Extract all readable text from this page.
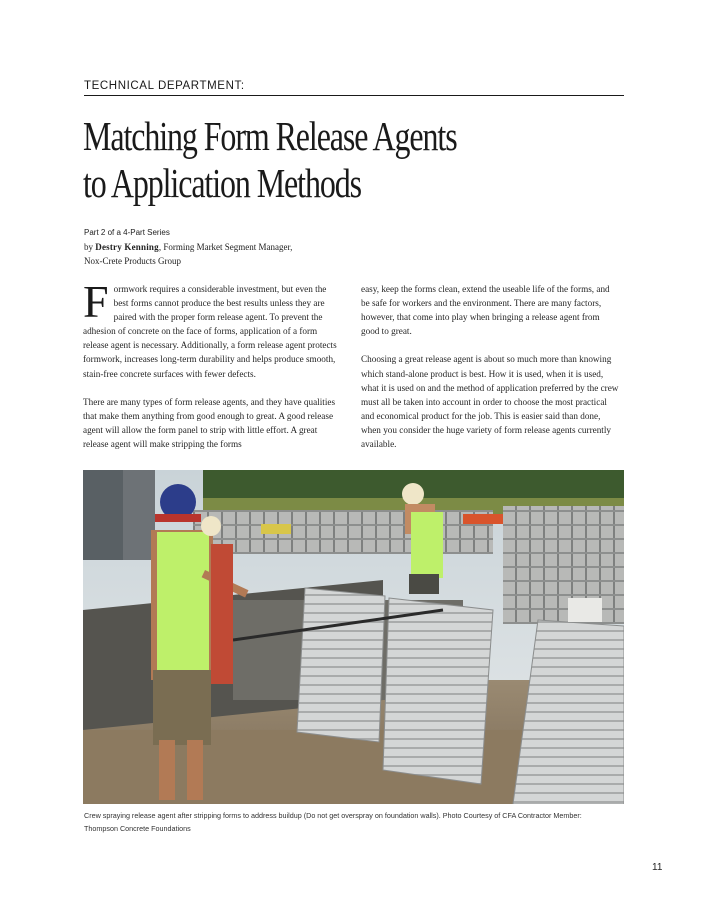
TECHNICAL DEPARTMENT:
Matching Form Release Agents
to Application Methods
Part 2 of a 4-Part Series
by Destry Kenning, Forming Market Segment Manager,
Nox-Crete Products Group

Formwork requires a considerable investment, but even the best forms cannot produce the best results unless they are paired with the proper form release agent. To prevent the adhesion of concrete on the face of forms, application of a form release agent is necessary. Additionally, a form release agent protects formwork, increases long-term durability and helps produce smooth, stain-free concrete surfaces with fewer defects.

There are many types of form release agents, and they have qualities that make them anything from good enough to great. A good release agent will allow the form panel to strip with little effort. A great release agent will make stripping the forms

easy, keep the forms clean, extend the useable life of the forms, and be safe for workers and the environment. There are many factors, however, that come into play when bringing a release agent from good to great.

Choosing a great release agent is about so much more than knowing which stand-alone product is best. How it is used, when it is used, what it is used on and the method of application preferred by the crew must all be taken into account in order to choose the most practical and economical product for the job. This is easier said than done, when you consider the huge variety of form release agents currently available.

Crew spraying release agent after stripping forms to address buildup (Do not get overspray on foundation walls). Photo Courtesy of CFA Contractor Member: Thompson Concrete Foundations
11
